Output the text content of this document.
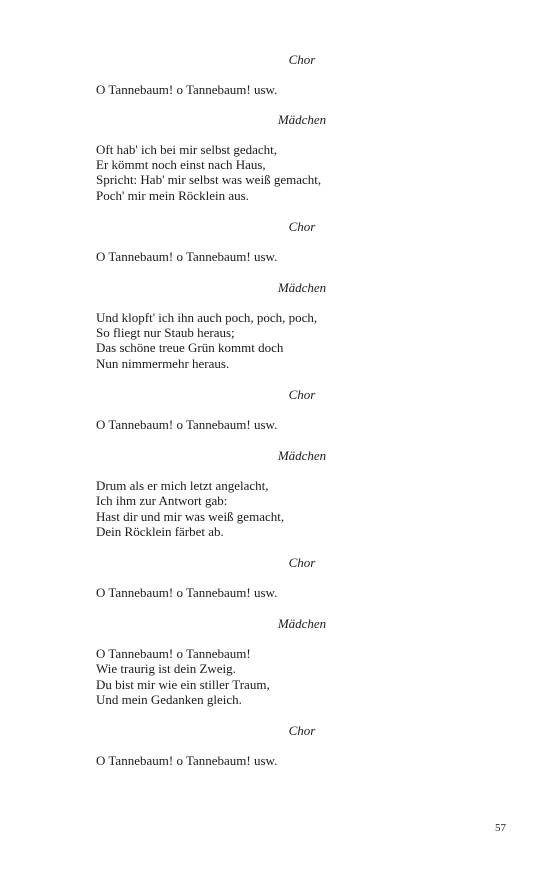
Chor
O Tannebaum! o Tannebaum! usw.
Mädchen
Oft hab' ich bei mir selbst gedacht,
Er kömmt noch einst nach Haus,
Spricht: Hab' mir selbst was weiß gemacht,
Poch' mir mein Röcklein aus.
Chor
O Tannebaum! o Tannebaum! usw.
Mädchen
Und klopft' ich ihn auch poch, poch, poch,
So fliegt nur Staub heraus;
Das schöne treue Grün kommt doch
Nun nimmermehr heraus.
Chor
O Tannebaum! o Tannebaum! usw.
Mädchen
Drum als er mich letzt angelacht,
Ich ihm zur Antwort gab:
Hast dir und mir was weiß gemacht,
Dein Röcklein färbet ab.
Chor
O Tannebaum! o Tannebaum! usw.
Mädchen
O Tannebaum! o Tannebaum!
Wie traurig ist dein Zweig.
Du bist mir wie ein stiller Traum,
Und mein Gedanken gleich.
Chor
O Tannebaum! o Tannebaum! usw.
57
